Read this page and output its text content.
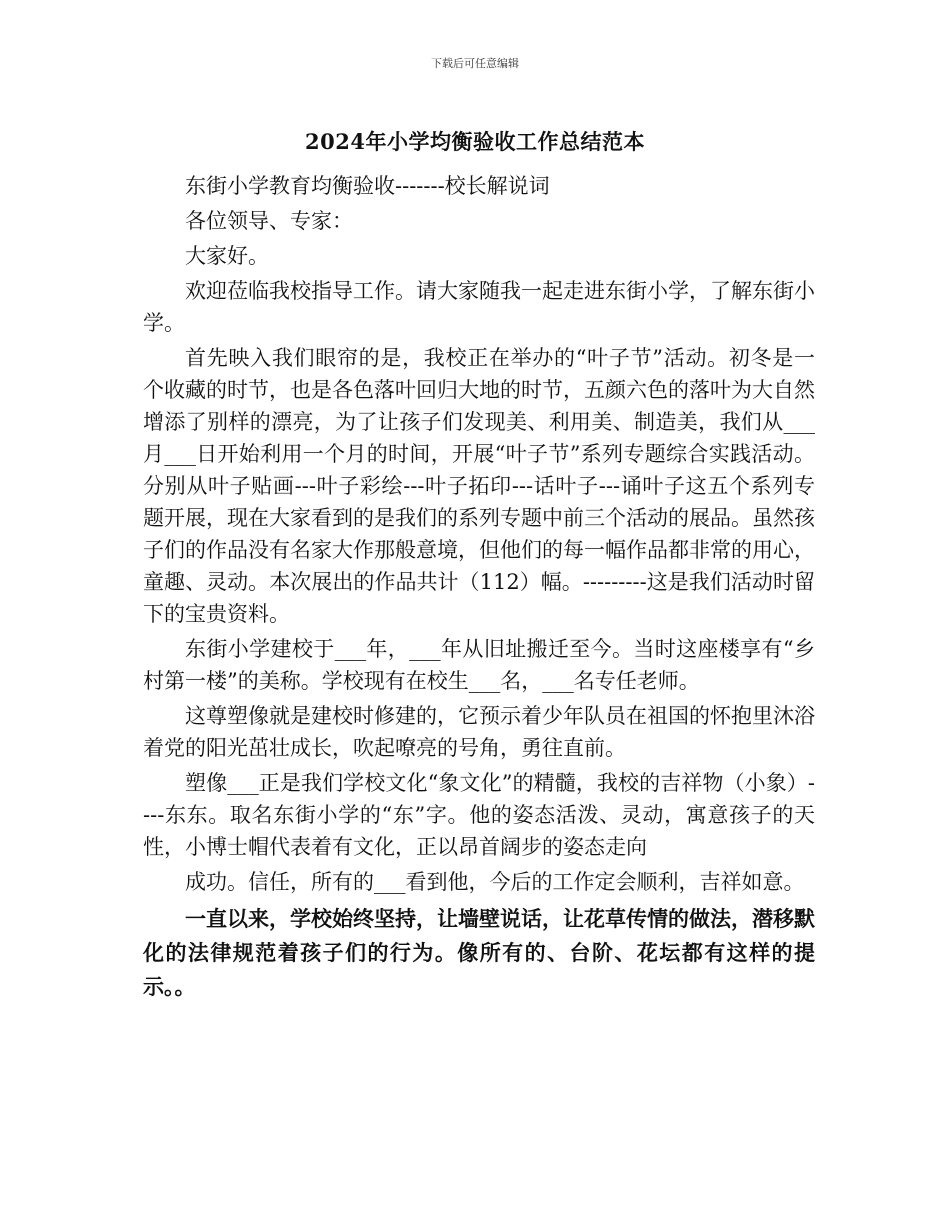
下载后可任意编辑
2024年小学均衡验收工作总结范本

东街小学教育均衡验收-------校长解说词

各位领导、专家：

大家好。

欢迎莅临我校指导工作。请大家随我一起走进东街小学，了解东街小学。

首先映入我们眼帘的是，我校正在举办的“叶子节”活动。初冬是一个收藏的时节，也是各色落叶回归大地的时节，五颜六色的落叶为大自然增添了别样的漂亮，为了让孩子们发现美、利用美、制造美，我们从___月___日开始利用一个月的时间，开展“叶子节”系列专题综合实践活动。分别从叶子贴画---叶子彩绘---叶子拓印---话叶子---诵叶子这五个系列专题开展，现在大家看到的是我们的系列专题中前三个活动的展品。虽然孩子们的作品没有名家大作那般意境，但他们的每一幅作品都非常的用心，童趣、灵动。本次展出的作品共计（112）幅。---------这是我们活动时留下的宝贵资料。

东街小学建校于___年，___年从旧址搬迁至今。当时这座楼享有“乡村第一楼”的美称。学校现有在校生___名，___名专任老师。

这尊塑像就是建校时修建的，它预示着少年队员在祖国的怀抱里沐浴着党的阳光茁壮成长，吹起嘹亮的号角，勇往直前。

塑像___正是我们学校文化“象文化”的精髓，我校的吉祥物（小象）----东东。取名东街小学的“东”字。他的姿态活泼、灵动，寓意孩子的天性，小博士帽代表着有文化，正以昂首阔步的姿态走向

成功。信任，所有的___看到他，今后的工作定会顺利，吉祥如意。

一直以来，学校始终坚持，让墙壁说话，让花草传情的做法，潜移默化的法律规范着孩子们的行为。像所有的、台阶、花坛都有这样的提示。。
